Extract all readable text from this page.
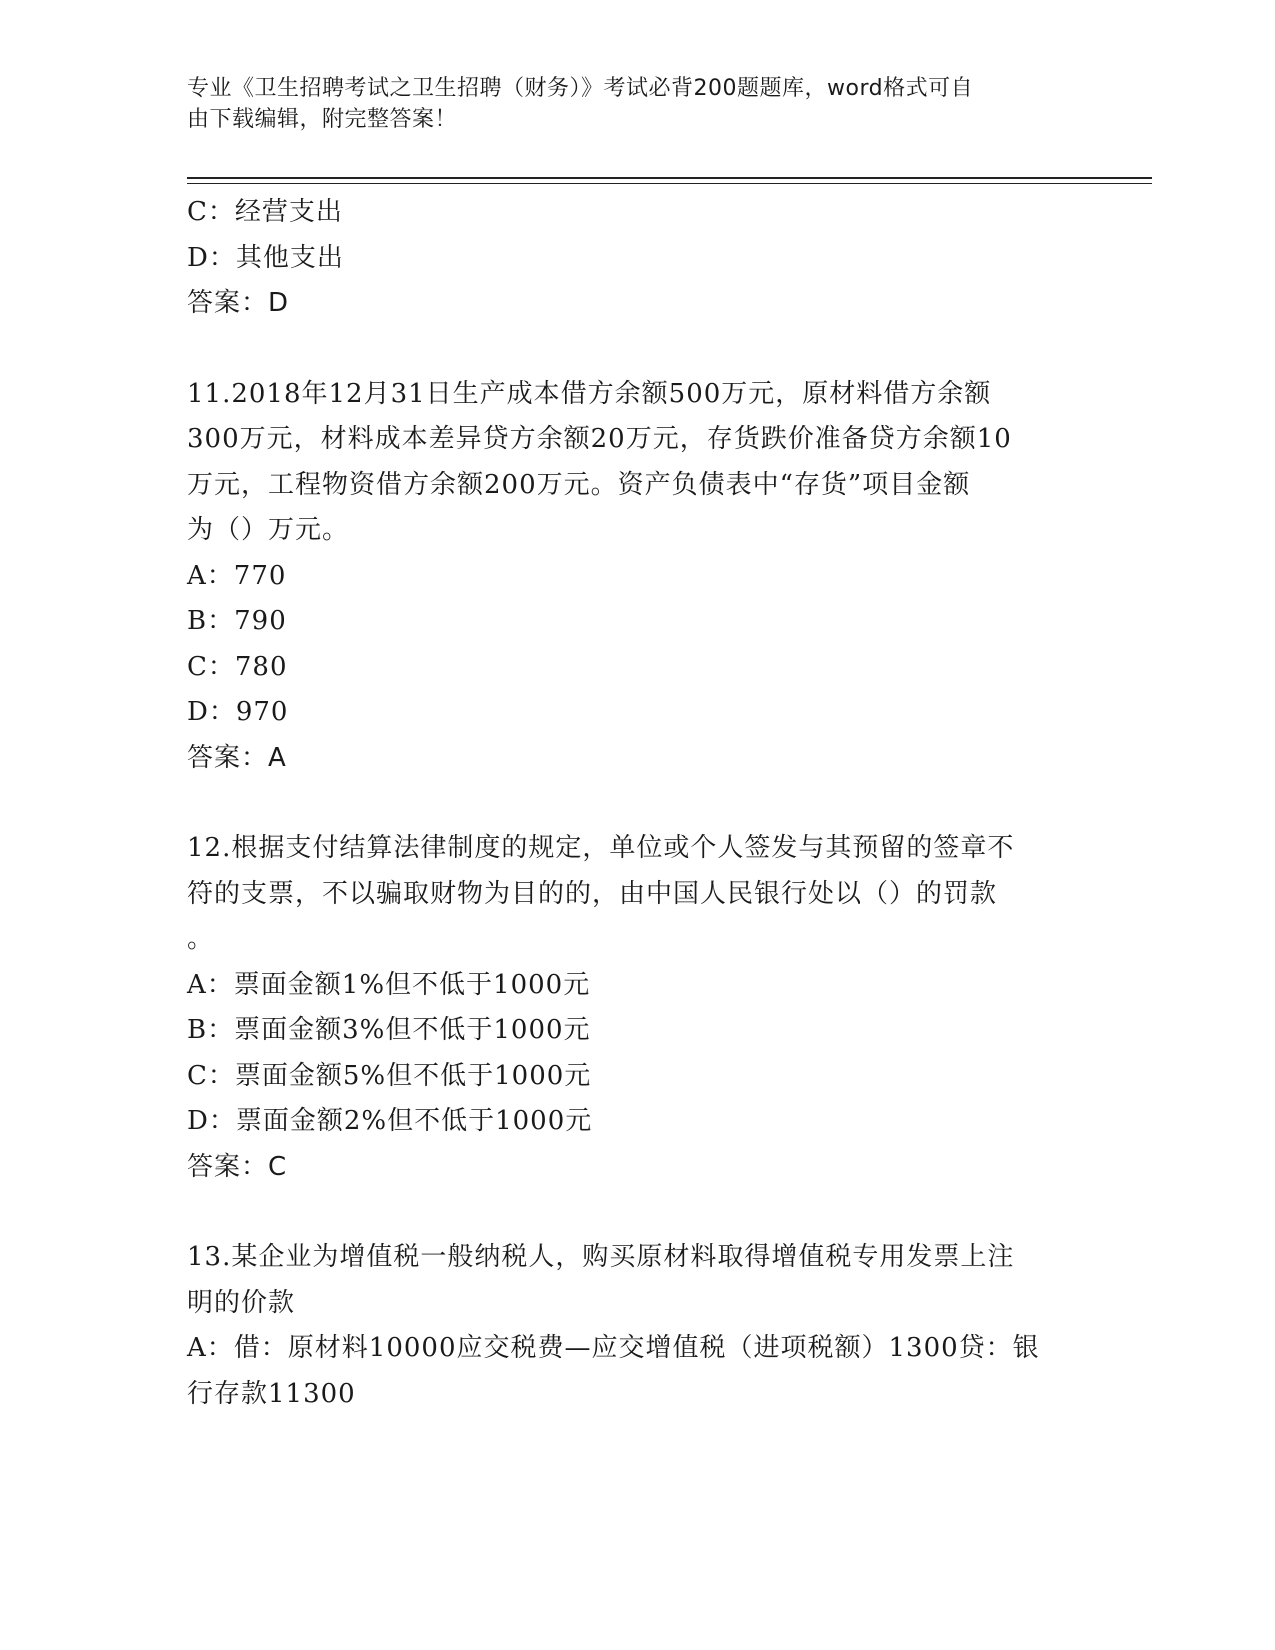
专业《卫生招聘考试之卫生招聘（财务）》考试必背200题题库，word格式可自
由下载编辑，附完整答案！
C：经营支出
D：其他支出
答案：D
11.2018年12月31日生产成本借方余额500万元，原材料借方余额
300万元，材料成本差异贷方余额20万元，存货跌价准备贷方余额10
万元，工程物资借方余额200万元。资产负债表中“存货”项目金额
为（）万元。
A：770
B：790
C：780
D：970
答案：A
12.根据支付结算法律制度的规定，单位或个人签发与其预留的签章不
符的支票，不以骗取财物为目的的，由中国人民银行处以（）的罚款
。
A：票面金额1%但不低于1000元
B：票面金额3%但不低于1000元
C：票面金额5%但不低于1000元
D：票面金额2%但不低于1000元
答案：C
13.某企业为增值税一般纳税人，购买原材料取得增值税专用发票上注
明的价款
A：借：原材料10000应交税费—应交增值税（进项税额）1300贷：银
行存款11300
